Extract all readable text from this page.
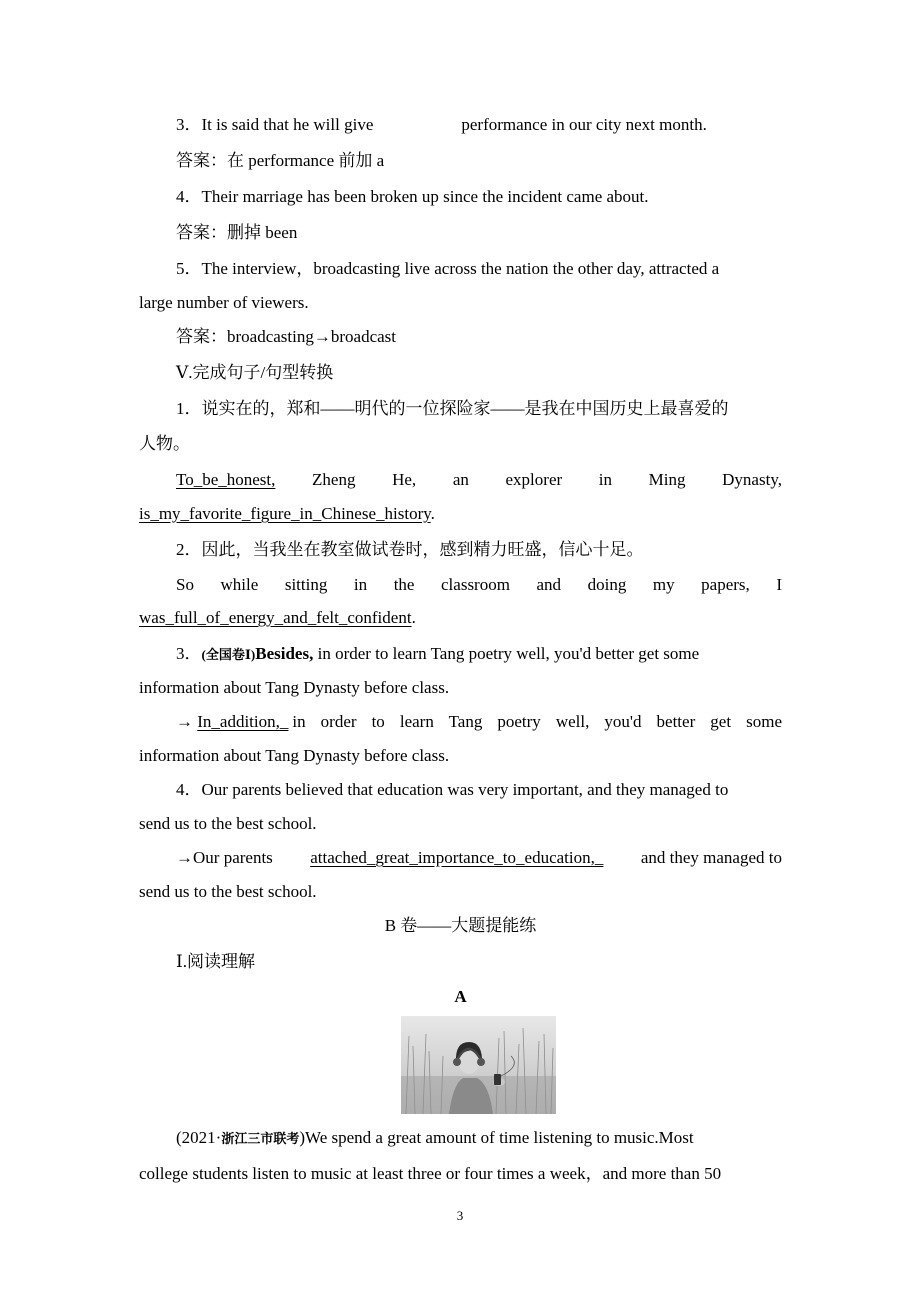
3．It is said that he will give	performance in our city next month.
答案：在 performance 前加 a
4．Their marriage has been broken up since the incident came about.
答案：删掉 been
5．The interview，broadcasting live across the nation the other day, attracted a
large number of viewers.
答案：broadcasting→broadcast
Ⅴ.完成句子/句型转换
1．说实在的，郑和——明代的一位探险家——是我在中国历史上最喜爱的
人物。
To_be_honest, Zheng He, an explorer in Ming Dynasty,
is_my_favorite_figure_in_Chinese_history.
2．因此，当我坐在教室做试卷时，感到精力旺盛，信心十足。
So while sitting in the classroom and doing my papers, I
was_full_of_energy_and_felt_confident.
3．(全国卷Ⅰ)Besides, in order to learn Tang poetry well, you'd better get some
information about Tang Dynasty before class.
→ In_addition,_ in order to learn Tang poetry well, you'd better get some
information about Tang Dynasty before class.
4．Our parents believed that education was very important, and they managed to
send us to the best school.
→Our parents attached_great_importance_to_education,_ and they managed to
send us to the best school.
B 卷——大题提能练
Ⅰ.阅读理解
A
(2021·浙江三市联考)We spend a great amount of time listening to music.Most
college students listen to music at least three or four times a week，and more than 50
3
